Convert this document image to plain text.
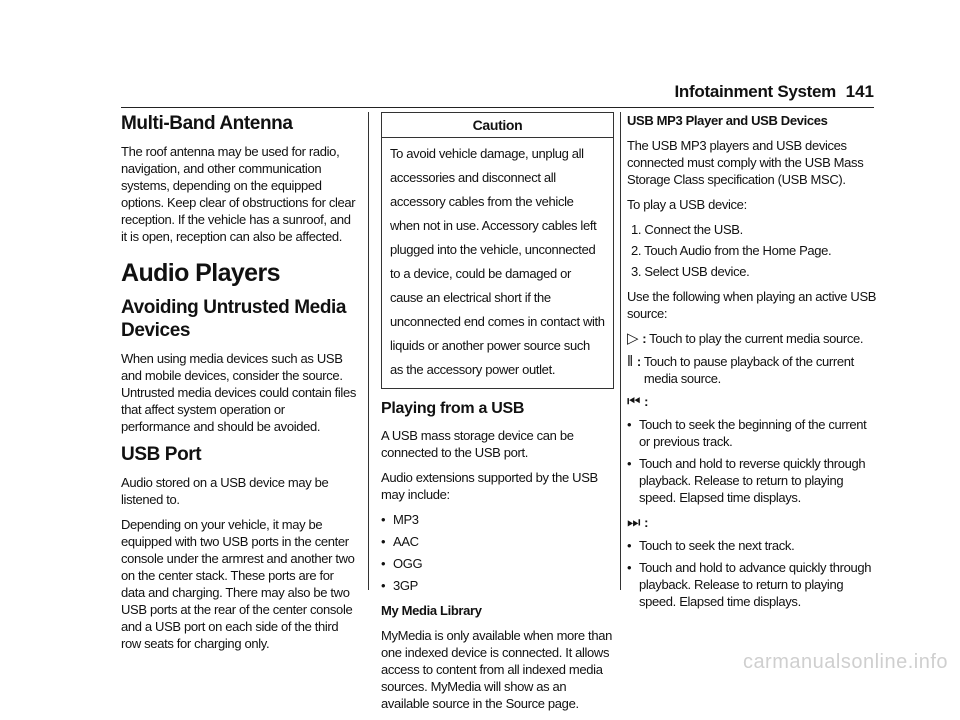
Infotainment System 141
Multi-Band Antenna

The roof antenna may be used for radio, navigation, and other communication systems, depending on the equipped options. Keep clear of obstructions for clear reception. If the vehicle has a sunroof, and it is open, reception can also be affected.

Audio Players
Avoiding Untrusted Media Devices

When using media devices such as USB and mobile devices, consider the source. Untrusted media devices could contain files that affect system operation or performance and should be avoided.

USB Port

Audio stored on a USB device may be listened to.

Depending on your vehicle, it may be equipped with two USB ports in the center console under the armrest and another two on the center stack. These ports are for data and charging. There may also be two USB ports at the rear of the center console and a USB port on each side of the third row seats for charging only.

Caution
To avoid vehicle damage, unplug all accessories and disconnect all accessory cables from the vehicle when not in use. Accessory cables left plugged into the vehicle, unconnected to a device, could be damaged or cause an electrical short if the unconnected end comes in contact with liquids or another power source such as the accessory power outlet.
Playing from a USB

A USB mass storage device can be connected to the USB port.

Audio extensions supported by the USB may include:

• MP3
• AAC
• OGG
• 3GP

My Media Library

MyMedia is only available when more than one indexed device is connected. It allows access to content from all indexed media sources. MyMedia will show as an available source in the Source page.

USB MP3 Player and USB Devices

The USB MP3 players and USB devices connected must comply with the USB Mass Storage Class specification (USB MSC).

To play a USB device:

1. Connect the USB.
2. Touch Audio from the Home Page.
3. Select USB device.

Use the following when playing an active USB source:

▷ : Touch to play the current media source.
‖ : Touch to pause playback of the current media source.
⏮ :
• Touch to seek the beginning of the current or previous track.
• Touch and hold to reverse quickly through playback. Release to return to playing speed. Elapsed time displays.
⏭ :
• Touch to seek the next track.
• Touch and hold to advance quickly through playback. Release to return to playing speed. Elapsed time displays.
carmanualsonline.info
